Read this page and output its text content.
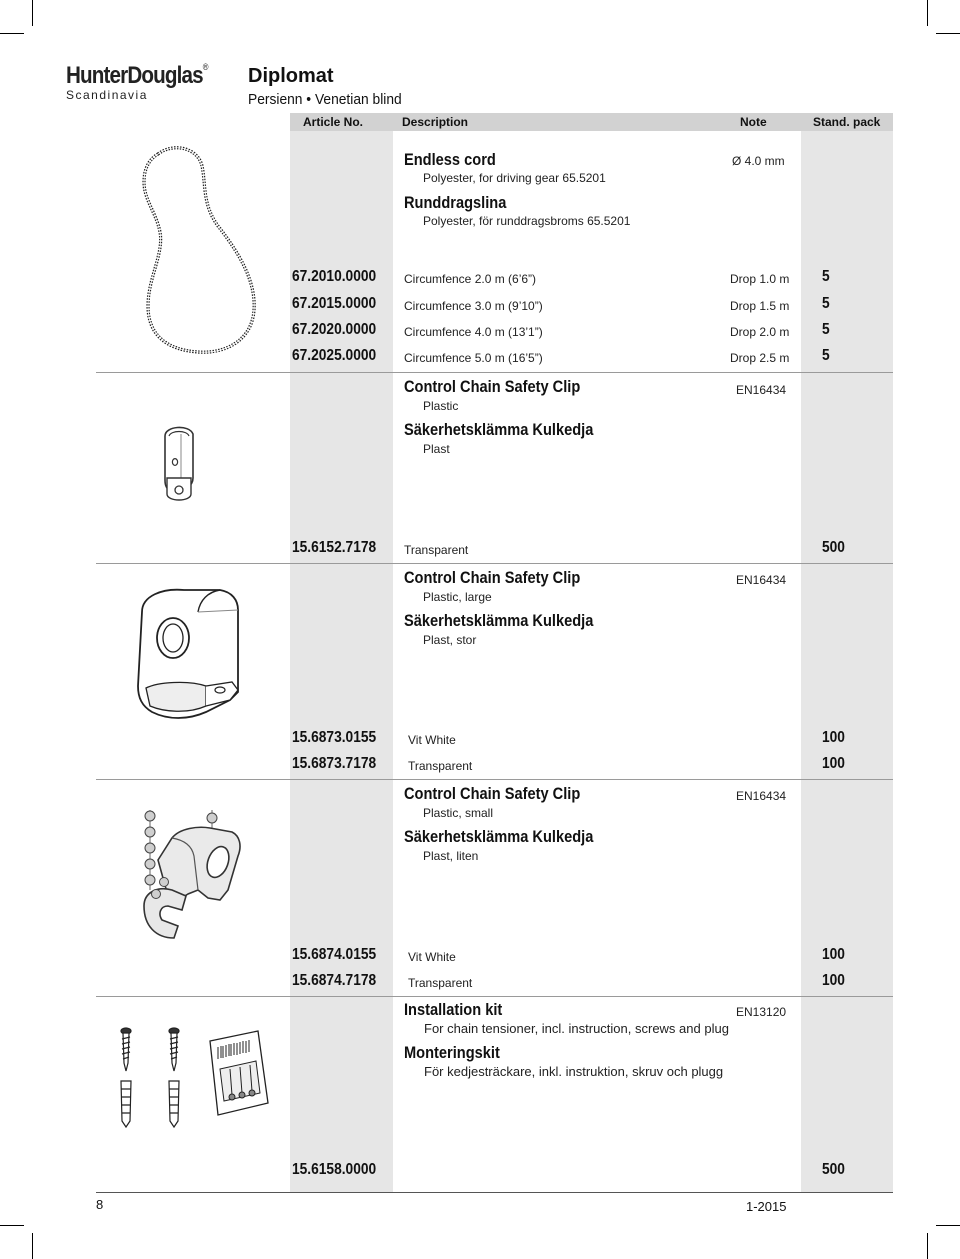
HunterDouglas®
Scandinavia
Diplomat
Persienn • Venetian blind
Article No.	Description	Note	Stand. pack
Endless cord
Polyester, for driving gear 65.5201
Ø 4.0 mm
Runddragslina
Polyester, för runddragsbroms 65.5201
67.2010.0000 Circumfence 2.0 m (6’6”)	Drop 1.0 m 5
67.2015.0000 Circumfence 3.0 m (9’10”)	Drop 1.5 m 5
67.2020.0000 Circumfence 4.0 m (13’1”)	Drop 2.0 m 5
67.2025.0000 Circumfence 5.0 m (16’5”)	Drop 2.5 m 5
Control Chain Safety Clip
Plastic
EN16434
Säkerhetsklämma Kulkedja
Plast
15.6152.7178 Transparent	500
Control Chain Safety Clip
Plastic, large
EN16434
Säkerhetsklämma Kulkedja
Plast, stor
15.6873.0155	Vit White	100
15.6873.7178	Transparent	100
Control Chain Safety Clip
Plastic, small
EN16434
Säkerhetsklämma Kulkedja
Plast, liten
15.6874.0155	Vit White	100
15.6874.7178	Transparent	100
Installation kit
For chain tensioner, incl. instruction, screws and plug
EN13120
Monteringskit
För kedjesträckare, inkl. instruktion, skruv och plugg
15.6158.0000	500
8	1-2015
